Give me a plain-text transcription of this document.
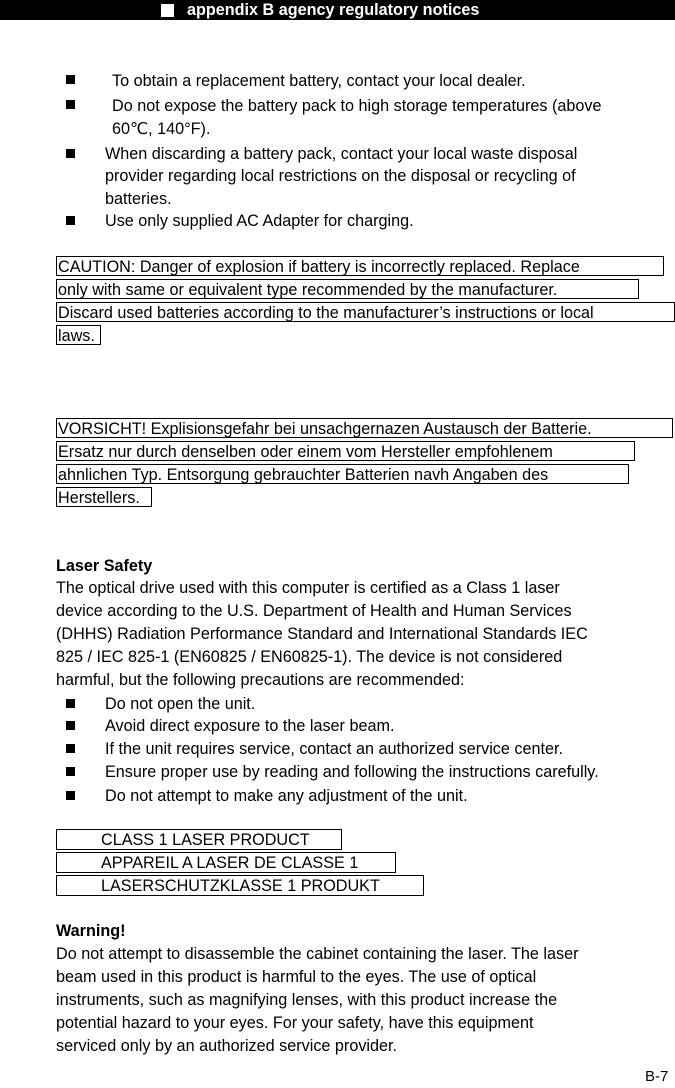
appendix B agency regulatory notices
To obtain a replacement battery, contact your local dealer.
Do not expose the battery pack to high storage temperatures (above
60℃, 140°F).
When discarding a battery pack, contact your local waste disposal
provider regarding local restrictions on the disposal or recycling of
batteries.
Use only supplied AC Adapter for charging.
CAUTION: Danger of explosion if battery is incorrectly replaced. Replace
only with same or equivalent type recommended by the manufacturer.
Discard used batteries according to the manufacturer’s instructions or local
laws.
VORSICHT! Explisionsgefahr bei unsachgernazen Austausch der Batterie.
Ersatz nur durch denselben oder einem vom Hersteller empfohlenem
ahnlichen Typ. Entsorgung gebrauchter Batterien navh Angaben des
Herstellers.
Laser Safety
The optical drive used with this computer is certified as a Class 1 laser
device according to the U.S. Department of Health and Human Services
(DHHS) Radiation Performance Standard and International Standards IEC
825 / IEC 825-1 (EN60825 / EN60825-1). The device is not considered
harmful, but the following precautions are recommended:
Do not open the unit.
Avoid direct exposure to the laser beam.
If the unit requires service, contact an authorized service center.
Ensure proper use by reading and following the instructions carefully.
Do not attempt to make any adjustment of the unit.
CLASS 1 LASER PRODUCT
APPAREIL A LASER DE CLASSE 1
LASERSCHUTZKLASSE 1 PRODUKT
Warning!
Do not attempt to disassemble the cabinet containing the laser. The laser
beam used in this product is harmful to the eyes. The use of optical
instruments, such as magnifying lenses, with this product increase the
potential hazard to your eyes. For your safety, have this equipment
serviced only by an authorized service provider.
B-7
